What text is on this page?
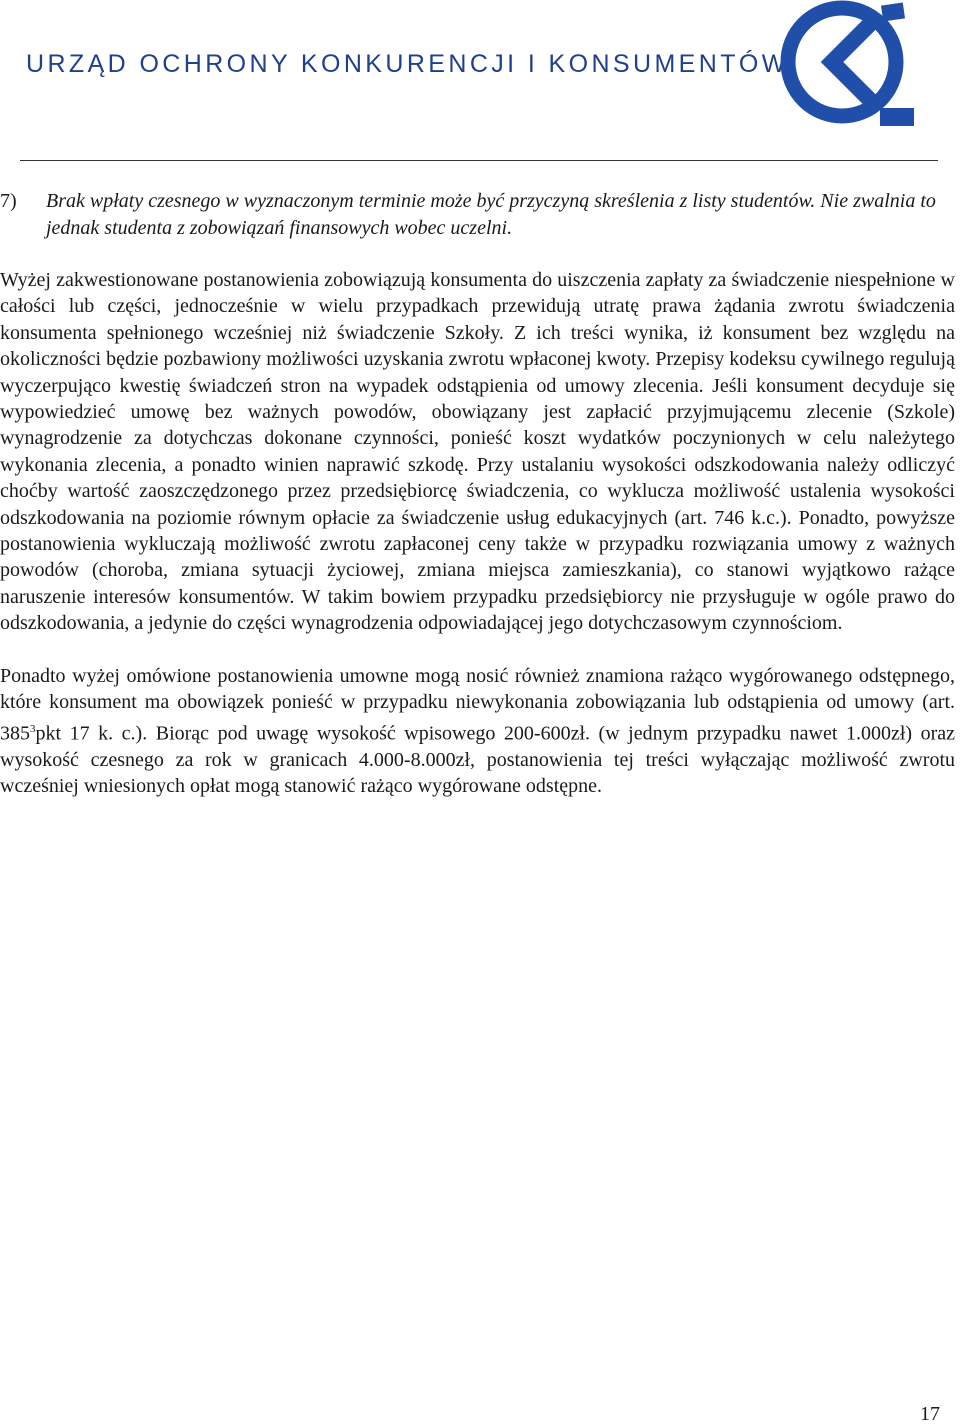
URZĄD OCHRONY KONKURENCJI I KONSUMENTÓW
7)	Brak wpłaty czesnego w wyznaczonym terminie może być przyczyną skreślenia z listy studentów. Nie zwalnia to jednak studenta z zobowiązań finansowych wobec uczelni.

Wyżej zakwestionowane postanowienia zobowiązują konsumenta do uiszczenia zapłaty za świadczenie niespełnione w całości lub części, jednocześnie w wielu przypadkach przewidują utratę prawa żądania zwrotu świadczenia konsumenta spełnionego wcześniej niż świadczenie Szkoły. Z ich treści wynika, iż konsument bez względu na okoliczności będzie pozbawiony możliwości uzyskania zwrotu wpłaconej kwoty. Przepisy kodeksu cywilnego regulują wyczerpująco kwestię świadczeń stron na wypadek odstąpienia od umowy zlecenia. Jeśli konsument decyduje się wypowiedzieć umowę bez ważnych powodów, obowiązany jest zapłacić przyjmującemu zlecenie (Szkole) wynagrodzenie za dotychczas dokonane czynności, ponieść koszt wydatków poczynionych w celu należytego wykonania zlecenia, a ponadto winien naprawić szkodę. Przy ustalaniu wysokości odszkodowania należy odliczyć choćby wartość zaoszczędzonego przez przedsiębiorcę świadczenia, co wyklucza możliwość ustalenia wysokości odszkodowania na poziomie równym opłacie za świadczenie usług edukacyjnych (art. 746 k.c.). Ponadto, powyższe postanowienia wykluczają możliwość zwrotu zapłaconej ceny także w przypadku rozwiązania umowy z ważnych powodów (choroba, zmiana sytuacji życiowej, zmiana miejsca zamieszkania), co stanowi wyjątkowo rażące naruszenie interesów konsumentów. W takim bowiem przypadku przedsiębiorcy nie przysługuje w ogóle prawo do odszkodowania, a jedynie do części wynagrodzenia odpowiadającej jego dotychczasowym czynnościom.

Ponadto wyżej omówione postanowienia umowne mogą nosić również znamiona rażąco wygórowanego odstępnego, które konsument ma obowiązek ponieść w przypadku niewykonania zobowiązania lub odstąpienia od umowy (art. $385^3pkt$ 17 k. c.). Biorąc pod uwagę wysokość wpisowego 200-600zł. (w jednym przypadku nawet 1.000zł) oraz wysokość czesnego za rok w granicach 4.000-8.000zł, postanowienia tej treści wyłączając możliwość zwrotu wcześniej wniesionych opłat mogą stanowić rażąco wygórowane odstępne.

17
